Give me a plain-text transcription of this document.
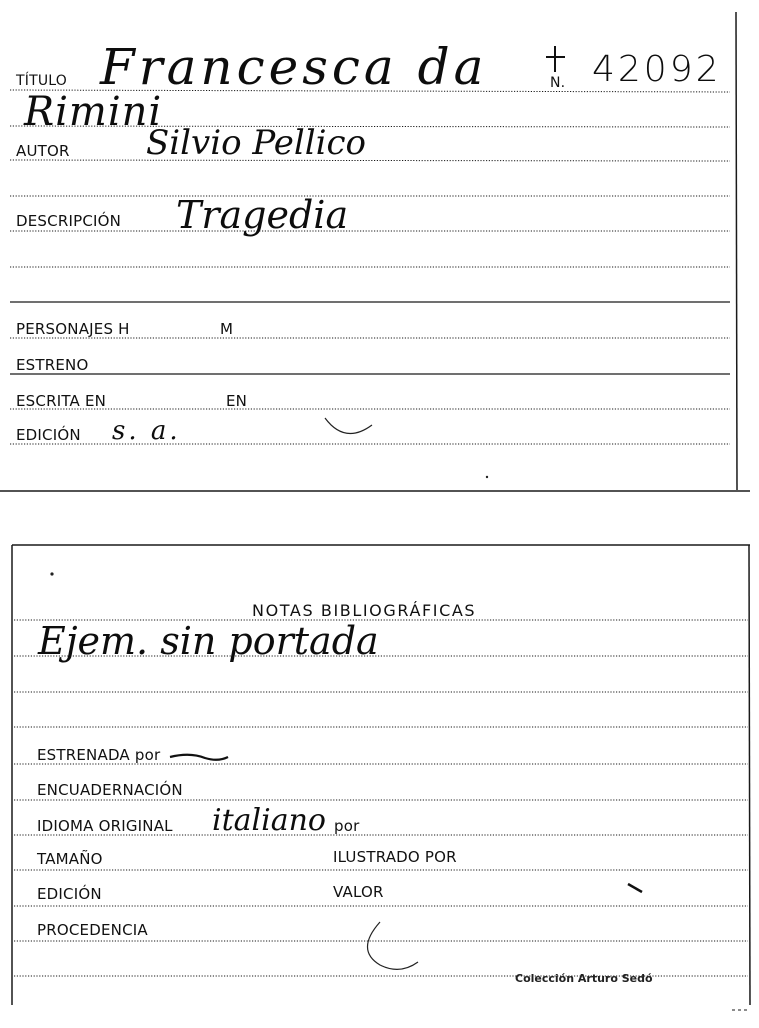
TÍTULO Francesca da	N. 42092
Rimini
AUTOR Silvio Pellico
DESCRIPCIÓN Tragedia
PERSONAJES H	M
ESTRENO
ESCRITA EN	EN
EDICIÓN s. a.
NOTAS BIBLIOGRÁFICAS
Ejem. sin portada
ESTRENADA por
ENCUADERNACIÓN
IDIOMA ORIGINAL italiano por
TAMAÑO	ILUSTRADO POR
EDICIÓN	VALOR
PROCEDENCIA
Colección Arturo Sedó
